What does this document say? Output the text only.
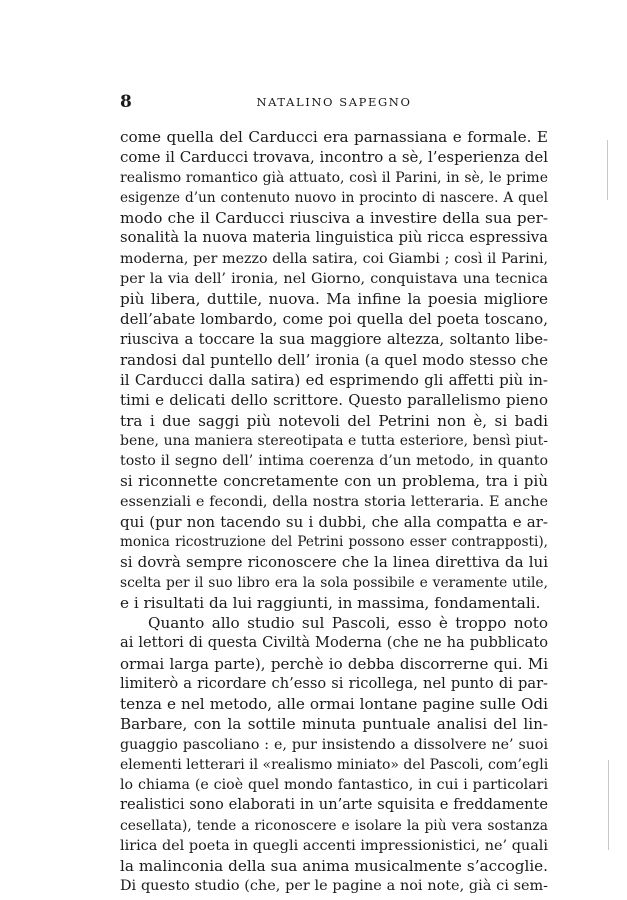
8	NATALINO SAPEGNO
come quella del Carducci era parnassiana e formale. E
come il Carducci trovava, incontro a sè, l’esperienza del
realismo romantico già attuato, così il Parini, in sè, le prime
esigenze d’un contenuto nuovo in procinto di nascere. A quel
modo che il Carducci riusciva a investire della sua per-
sonalità la nuova materia linguistica più ricca espressiva
moderna, per mezzo della satira, coi Giambi ; così il Parini,
per la via dell’ ironia, nel Giorno, conquistava una tecnica
più libera, duttile, nuova. Ma infine la poesia migliore
dell’abate lombardo, come poi quella del poeta toscano,
riusciva a toccare la sua maggiore altezza, soltanto libe-
randosi dal puntello dell’ ironia (a quel modo stesso che
il Carducci dalla satira) ed esprimendo gli affetti più in-
timi e delicati dello scrittore. Questo parallelismo pieno
tra i due saggi più notevoli del Petrini non è, si badi
bene, una maniera stereotipata e tutta esteriore, bensì piut-
tosto il segno dell’ intima coerenza d’un metodo, in quanto
si riconnette concretamente con un problema, tra i più
essenziali e fecondi, della nostra storia letteraria. E anche
qui (pur non tacendo su i dubbi, che alla compatta e ar-
monica ricostruzione del Petrini possono esser contrapposti),
si dovrà sempre riconoscere che la linea direttiva da lui
scelta per il suo libro era la sola possibile e veramente utile,
e i risultati da lui raggiunti, in massima, fondamentali.
Quanto allo studio sul Pascoli, esso è troppo noto
ai lettori di questa Civiltà Moderna (che ne ha pubblicato
ormai larga parte), perchè io debba discorrerne qui. Mi
limiterò a ricordare ch’esso si ricollega, nel punto di par-
tenza e nel metodo, alle ormai lontane pagine sulle Odi
Barbare, con la sottile minuta puntuale analisi del lin-
guaggio pascoliano : e, pur insistendo a dissolvere ne’ suoi
elementi letterari il «realismo miniato» del Pascoli, com’egli
lo chiama (e cioè quel mondo fantastico, in cui i particolari
realistici sono elaborati in un’arte squisita e freddamente
cesellata), tende a riconoscere e isolare la più vera sostanza
lirica del poeta in quegli accenti impressionistici, ne’ quali
la malinconia della sua anima musicalmente s’accoglie.
Di questo studio (che, per le pagine a noi note, già ci sem-
